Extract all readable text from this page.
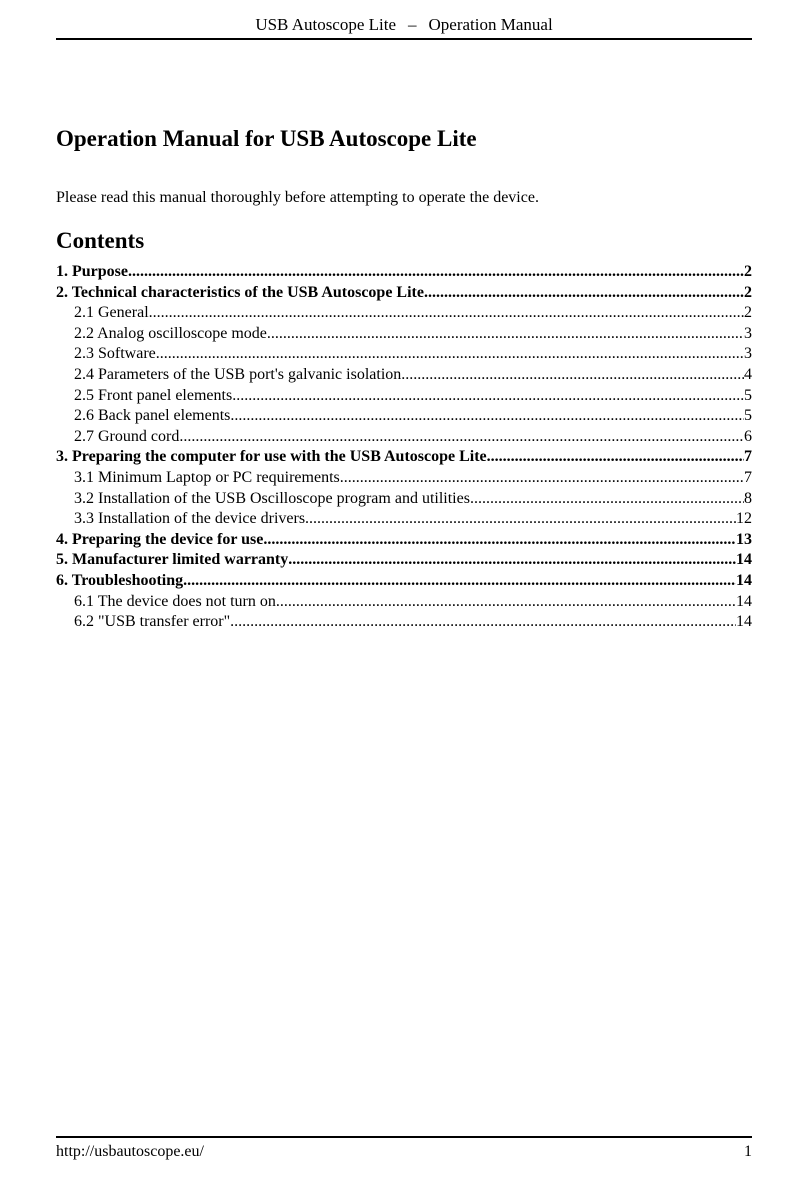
USB Autoscope Lite – Operation Manual
Operation Manual for USB Autoscope Lite

Please read this manual thoroughly before attempting to operate the device.

Contents
1. Purpose .....	2
2. Technical characteristics of the USB Autoscope Lite .....	2
2.1 General .....	2
2.2 Analog oscilloscope mode .....	3
2.3 Software .....	3
2.4 Parameters of the USB port's galvanic isolation .....	4
2.5 Front panel elements .....	5
2.6 Back panel elements .....	5
2.7 Ground cord .....	6
3. Preparing the computer for use with the USB Autoscope Lite .....	7
3.1 Minimum Laptop or PC requirements .....	7
3.2 Installation of the USB Oscilloscope program and utilities .....	8
3.3 Installation of the device drivers .....	12
4. Preparing the device for use .....	13
5. Manufacturer limited warranty .....	14
6. Troubleshooting .....	14
6.1 The device does not turn on .....	14
6.2 "USB transfer error" .....	14
http://usbautoscope.eu/	1
